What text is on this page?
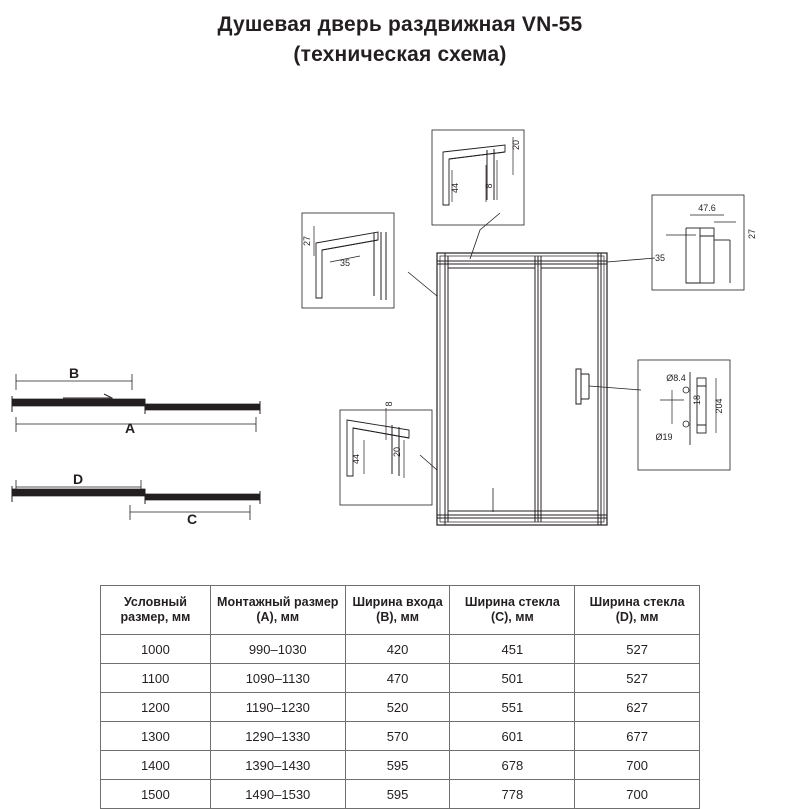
Душевая дверь раздвижная VN-55
(техническая схема)
B
A
D
C
20
44	8
27
35
47.6
27
35
8
44
20
Ø8.4
18 204
Ø19
Условный размер, мм	Монтажный размер (A), мм	Ширина входа (B), мм	Ширина стекла (C), мм	Ширина стекла (D), мм
1000	990–1030	420	451	527
1100	1090–1130	470	501	527
1200	1190–1230	520	551	627
1300	1290–1330	570	601	677
1400	1390–1430	595	678	700
1500	1490–1530	595	778	700
